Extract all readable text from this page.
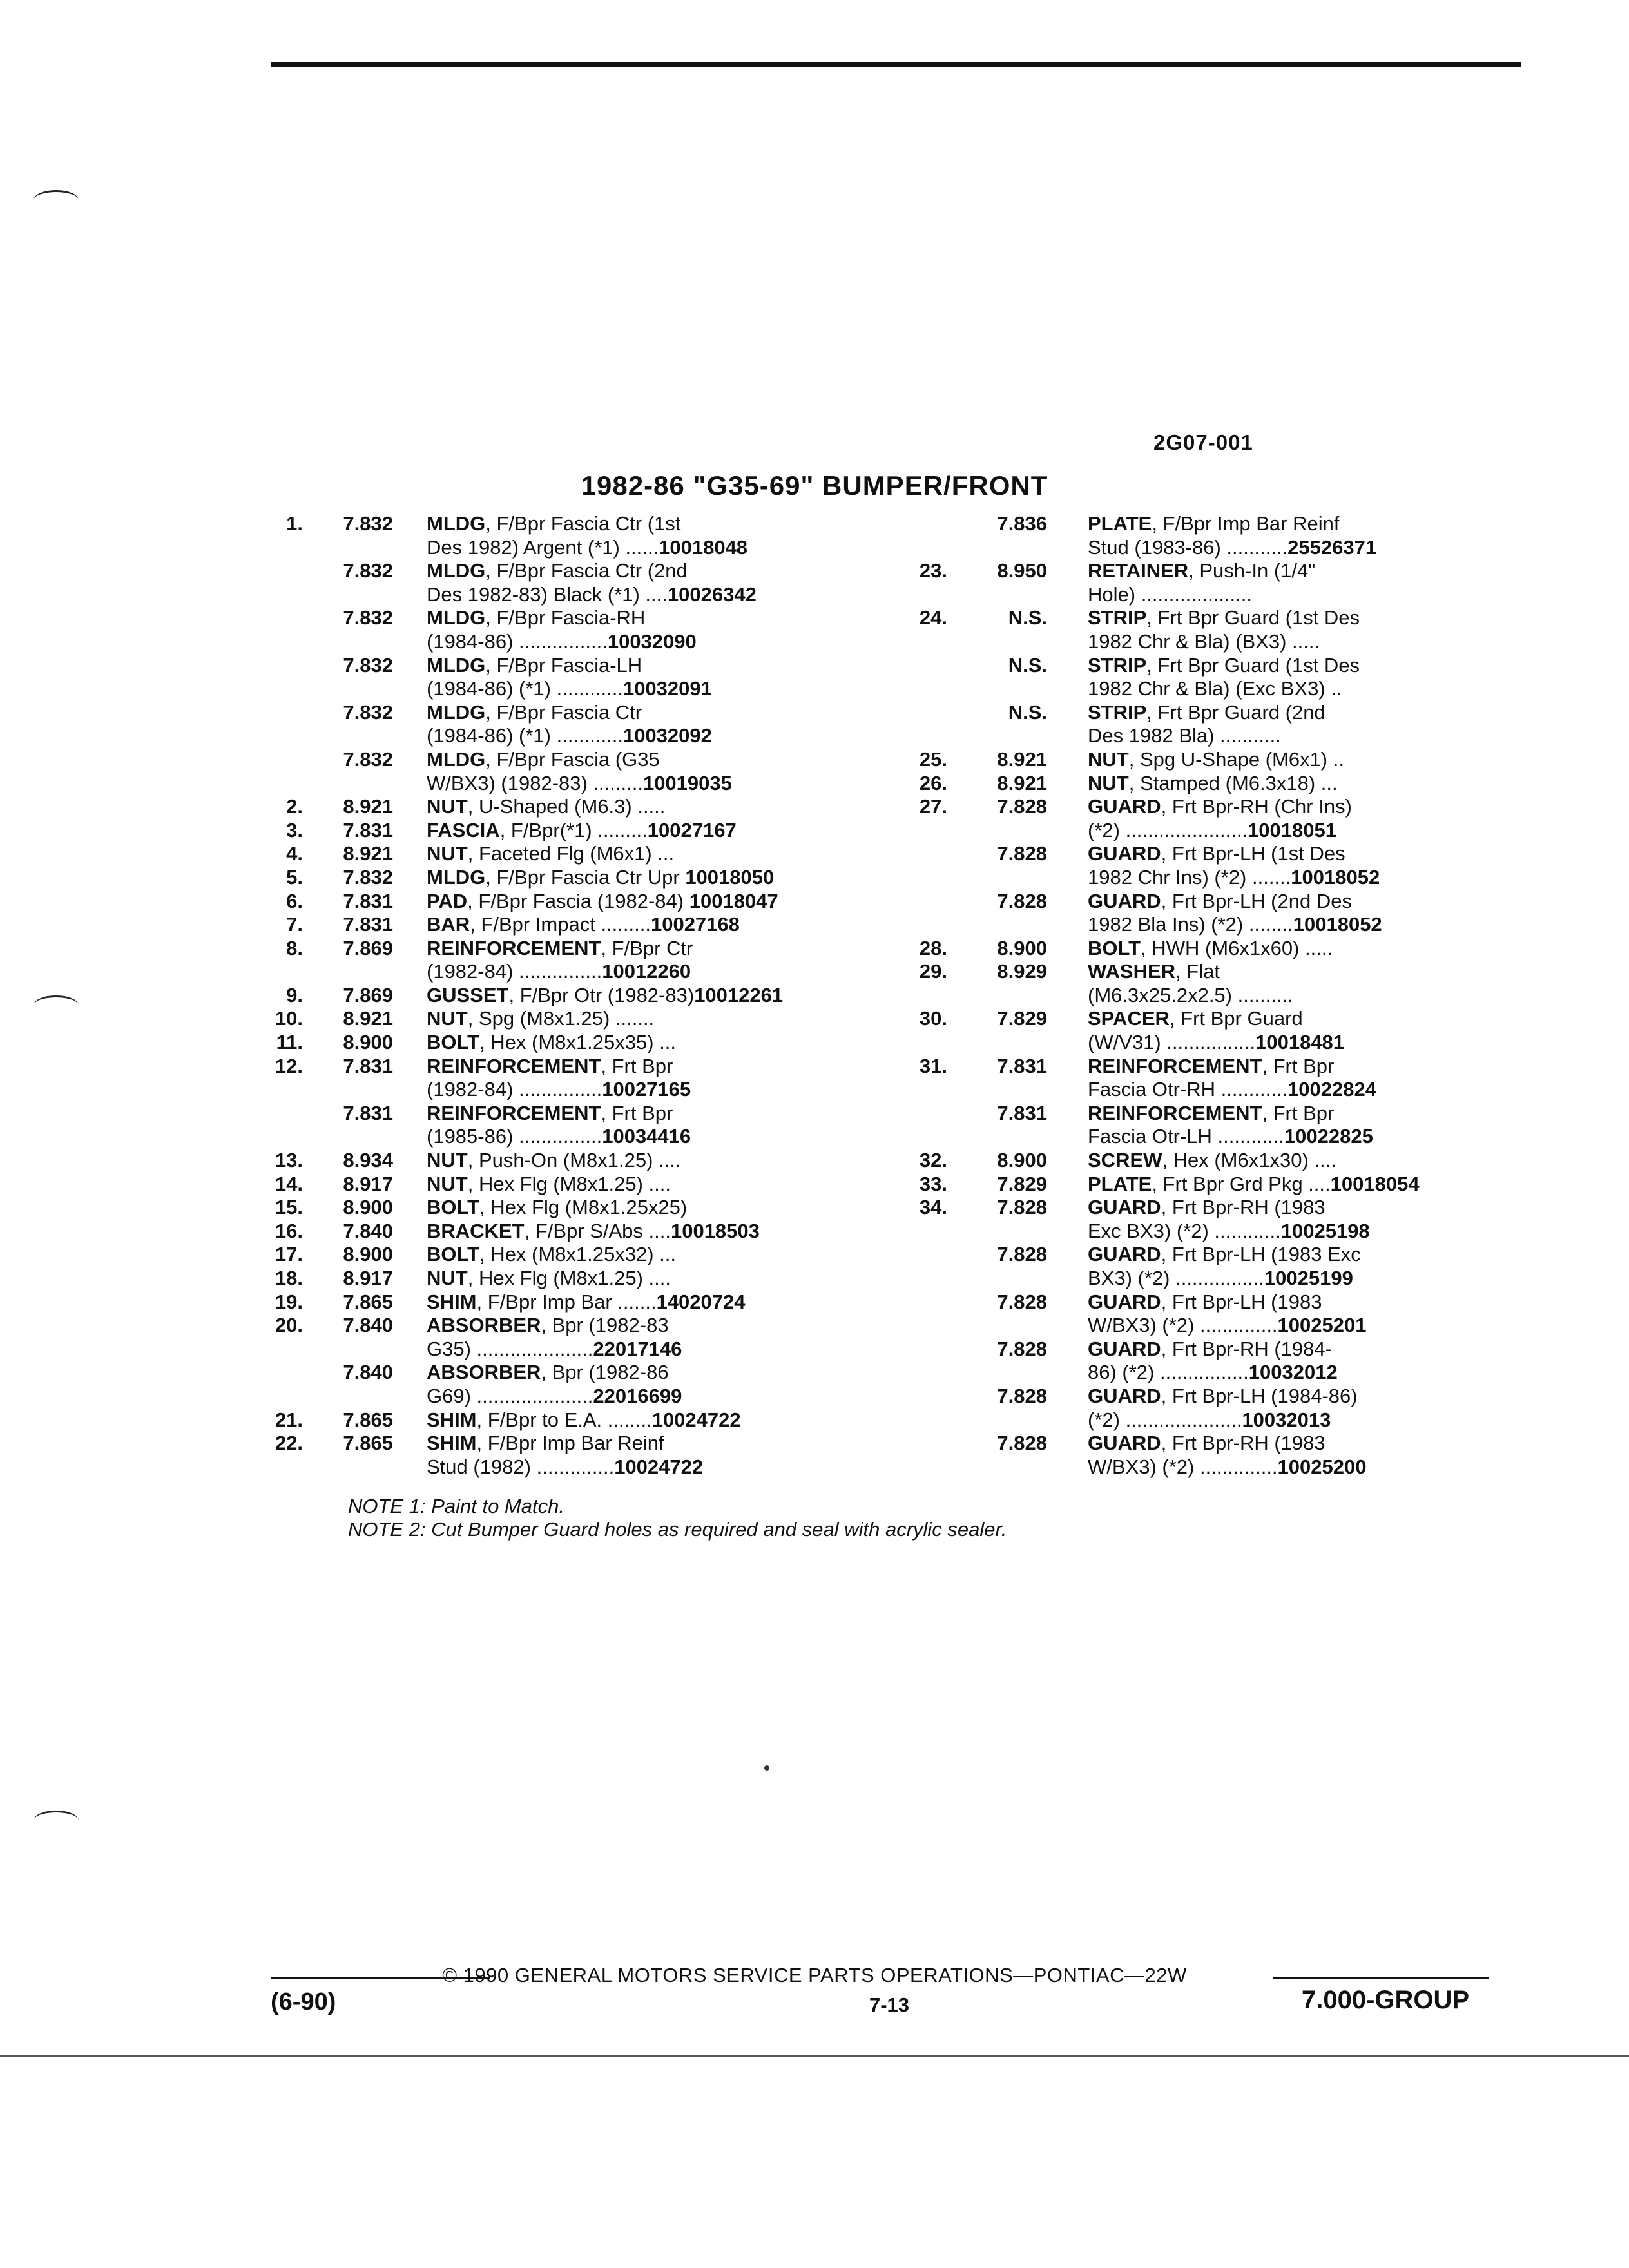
2G07-001
1982-86 "G35-69" BUMPER/FRONT
1.	7.832 MLDG, F/Bpr Fascia Ctr (1st
Des 1982) Argent (*1) ......10018048
7.832 MLDG, F/Bpr Fascia Ctr (2nd
Des 1982-83) Black (*1) ....10026342
7.832 MLDG, F/Bpr Fascia-RH
(1984-86) ................10032090
7.832 MLDG, F/Bpr Fascia-LH
(1984-86) (*1) ............10032091
7.832 MLDG, F/Bpr Fascia Ctr
(1984-86) (*1) ............10032092
7.832 MLDG, F/Bpr Fascia (G35
W/BX3) (1982-83) .........10019035
2.	8.921 NUT, U-Shaped (M6.3) .....
3.	7.831 FASCIA, F/Bpr(*1) .........10027167
4.	8.921 NUT, Faceted Flg (M6x1) ...
5.	7.832 MLDG, F/Bpr Fascia Ctr Upr 10018050
6.	7.831 PAD, F/Bpr Fascia (1982-84) 10018047
7.	7.831 BAR, F/Bpr Impact .........10027168
8.	7.869 REINFORCEMENT, F/Bpr Ctr
(1982-84) ...............10012260
9.	7.869 GUSSET, F/Bpr Otr (1982-83)10012261
10.	8.921 NUT, Spg (M8x1.25) .......
11.	8.900 BOLT, Hex (M8x1.25x35) ...
12.	7.831 REINFORCEMENT, Frt Bpr
(1982-84) ...............10027165
7.831 REINFORCEMENT, Frt Bpr
(1985-86) ...............10034416
13.	8.934 NUT, Push-On (M8x1.25) ....
14.	8.917 NUT, Hex Flg (M8x1.25) ....
15.	8.900 BOLT, Hex Flg (M8x1.25x25)
16.	7.840 BRACKET, F/Bpr S/Abs ....10018503
17.	8.900 BOLT, Hex (M8x1.25x32) ...
18.	8.917 NUT, Hex Flg (M8x1.25) ....
19.	7.865 SHIM, F/Bpr Imp Bar .......14020724
20.	7.840 ABSORBER, Bpr (1982-83
G35) .....................22017146
7.840 ABSORBER, Bpr (1982-86
G69) .....................22016699
21.	7.865 SHIM, F/Bpr to E.A. ........10024722
22.	7.865 SHIM, F/Bpr Imp Bar Reinf
Stud (1982) ..............10024722
7.836 PLATE, F/Bpr Imp Bar Reinf
Stud (1983-86) ...........25526371
23.	8.950 RETAINER, Push-In (1/4"
Hole) ....................
24.	N.S. STRIP, Frt Bpr Guard (1st Des
1982 Chr & Bla) (BX3) .....
N.S. STRIP, Frt Bpr Guard (1st Des
1982 Chr & Bla) (Exc BX3) ..
N.S. STRIP, Frt Bpr Guard (2nd
Des 1982 Bla) ...........
25.	8.921 NUT, Spg U-Shape (M6x1) ..
26.	8.921 NUT, Stamped (M6.3x18) ...
27.	7.828 GUARD, Frt Bpr-RH (Chr Ins)
(*2) ......................10018051
7.828 GUARD, Frt Bpr-LH (1st Des
1982 Chr Ins) (*2) .......10018052
7.828 GUARD, Frt Bpr-LH (2nd Des
1982 Bla Ins) (*2) ........10018052
28.	8.900 BOLT, HWH (M6x1x60) .....
29.	8.929 WASHER, Flat
(M6.3x25.2x2.5) ..........
30.	7.829 SPACER, Frt Bpr Guard
(W/V31) ................10018481
31.	7.831 REINFORCEMENT, Frt Bpr
Fascia Otr-RH ............10022824
7.831 REINFORCEMENT, Frt Bpr
Fascia Otr-LH ............10022825
32.	8.900 SCREW, Hex (M6x1x30) ....
33.	7.829 PLATE, Frt Bpr Grd Pkg ....10018054
34.	7.828 GUARD, Frt Bpr-RH (1983
Exc BX3) (*2) ............10025198
7.828 GUARD, Frt Bpr-LH (1983 Exc
BX3) (*2) ................10025199
7.828 GUARD, Frt Bpr-LH (1983
W/BX3) (*2) ..............10025201
7.828 GUARD, Frt Bpr-RH (1984-
86) (*2) ................10032012
7.828 GUARD, Frt Bpr-LH (1984-86)
(*2) .....................10032013
7.828 GUARD, Frt Bpr-RH (1983
W/BX3) (*2) ..............10025200
NOTE 1: Paint to Match.
NOTE 2: Cut Bumper Guard holes as required and seal with acrylic sealer.
© 1990 GENERAL MOTORS SERVICE PARTS OPERATIONS—PONTIAC—22W
(6-90)	7-13	7.000-GROUP
